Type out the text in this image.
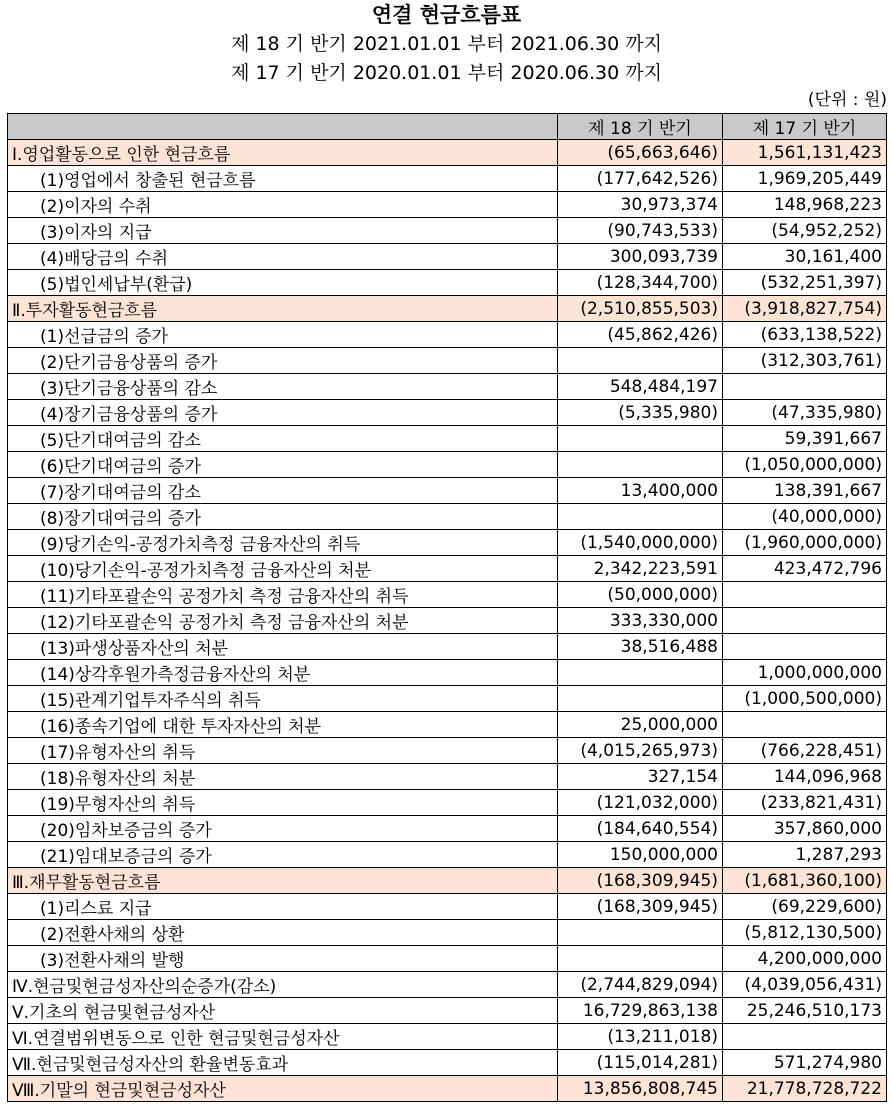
연결 현금흐름표
제 18 기 반기 2021.01.01 부터 2021.06.30 까지
제 17 기 반기 2020.01.01 부터 2020.06.30 까지
(단위 : 원)
	제 18 기 반기	제 17 기 반기
Ⅰ.영업활동으로 인한 현금흐름	(65,663,646)	1,561,131,423
(1)영업에서 창출된 현금흐름	(177,642,526)	1,969,205,449
(2)이자의 수취	30,973,374	148,968,223
(3)이자의 지급	(90,743,533)	(54,952,252)
(4)배당금의 수취	300,093,739	30,161,400
(5)법인세납부(환급)	(128,344,700)	(532,251,397)
Ⅱ.투자활동현금흐름	(2,510,855,503)	(3,918,827,754)
(1)선급금의 증가	(45,862,426)	(633,138,522)
(2)단기금융상품의 증가		(312,303,761)
(3)단기금융상품의 감소	548,484,197	
(4)장기금융상품의 증가	(5,335,980)	(47,335,980)
(5)단기대여금의 감소		59,391,667
(6)단기대여금의 증가		(1,050,000,000)
(7)장기대여금의 감소	13,400,000	138,391,667
(8)장기대여금의 증가		(40,000,000)
(9)당기손익-공정가치측정 금융자산의 취득	(1,540,000,000)	(1,960,000,000)
(10)당기손익-공정가치측정 금융자산의 처분	2,342,223,591	423,472,796
(11)기타포괄손익 공정가치 측정 금융자산의 취득	(50,000,000)	
(12)기타포괄손익 공정가치 측정 금융자산의 처분	333,330,000	
(13)파생상품자산의 처분	38,516,488	
(14)상각후원가측정금융자산의 처분		1,000,000,000
(15)관계기업투자주식의 취득		(1,000,500,000)
(16)종속기업에 대한 투자자산의 처분	25,000,000	
(17)유형자산의 취득	(4,015,265,973)	(766,228,451)
(18)유형자산의 처분	327,154	144,096,968
(19)무형자산의 취득	(121,032,000)	(233,821,431)
(20)임차보증금의 증가	(184,640,554)	357,860,000
(21)임대보증금의 증가	150,000,000	1,287,293
Ⅲ.재무활동현금흐름	(168,309,945)	(1,681,360,100)
(1)리스료 지급	(168,309,945)	(69,229,600)
(2)전환사채의 상환		(5,812,130,500)
(3)전환사채의 발행		4,200,000,000
Ⅳ.현금및현금성자산의순증가(감소)	(2,744,829,094)	(4,039,056,431)
Ⅴ.기초의 현금및현금성자산	16,729,863,138	25,246,510,173
Ⅵ.연결범위변동으로 인한 현금및현금성자산	(13,211,018)	
Ⅶ.현금및현금성자산의 환율변동효과	(115,014,281)	571,274,980
Ⅷ.기말의 현금및현금성자산	13,856,808,745	21,778,728,722
